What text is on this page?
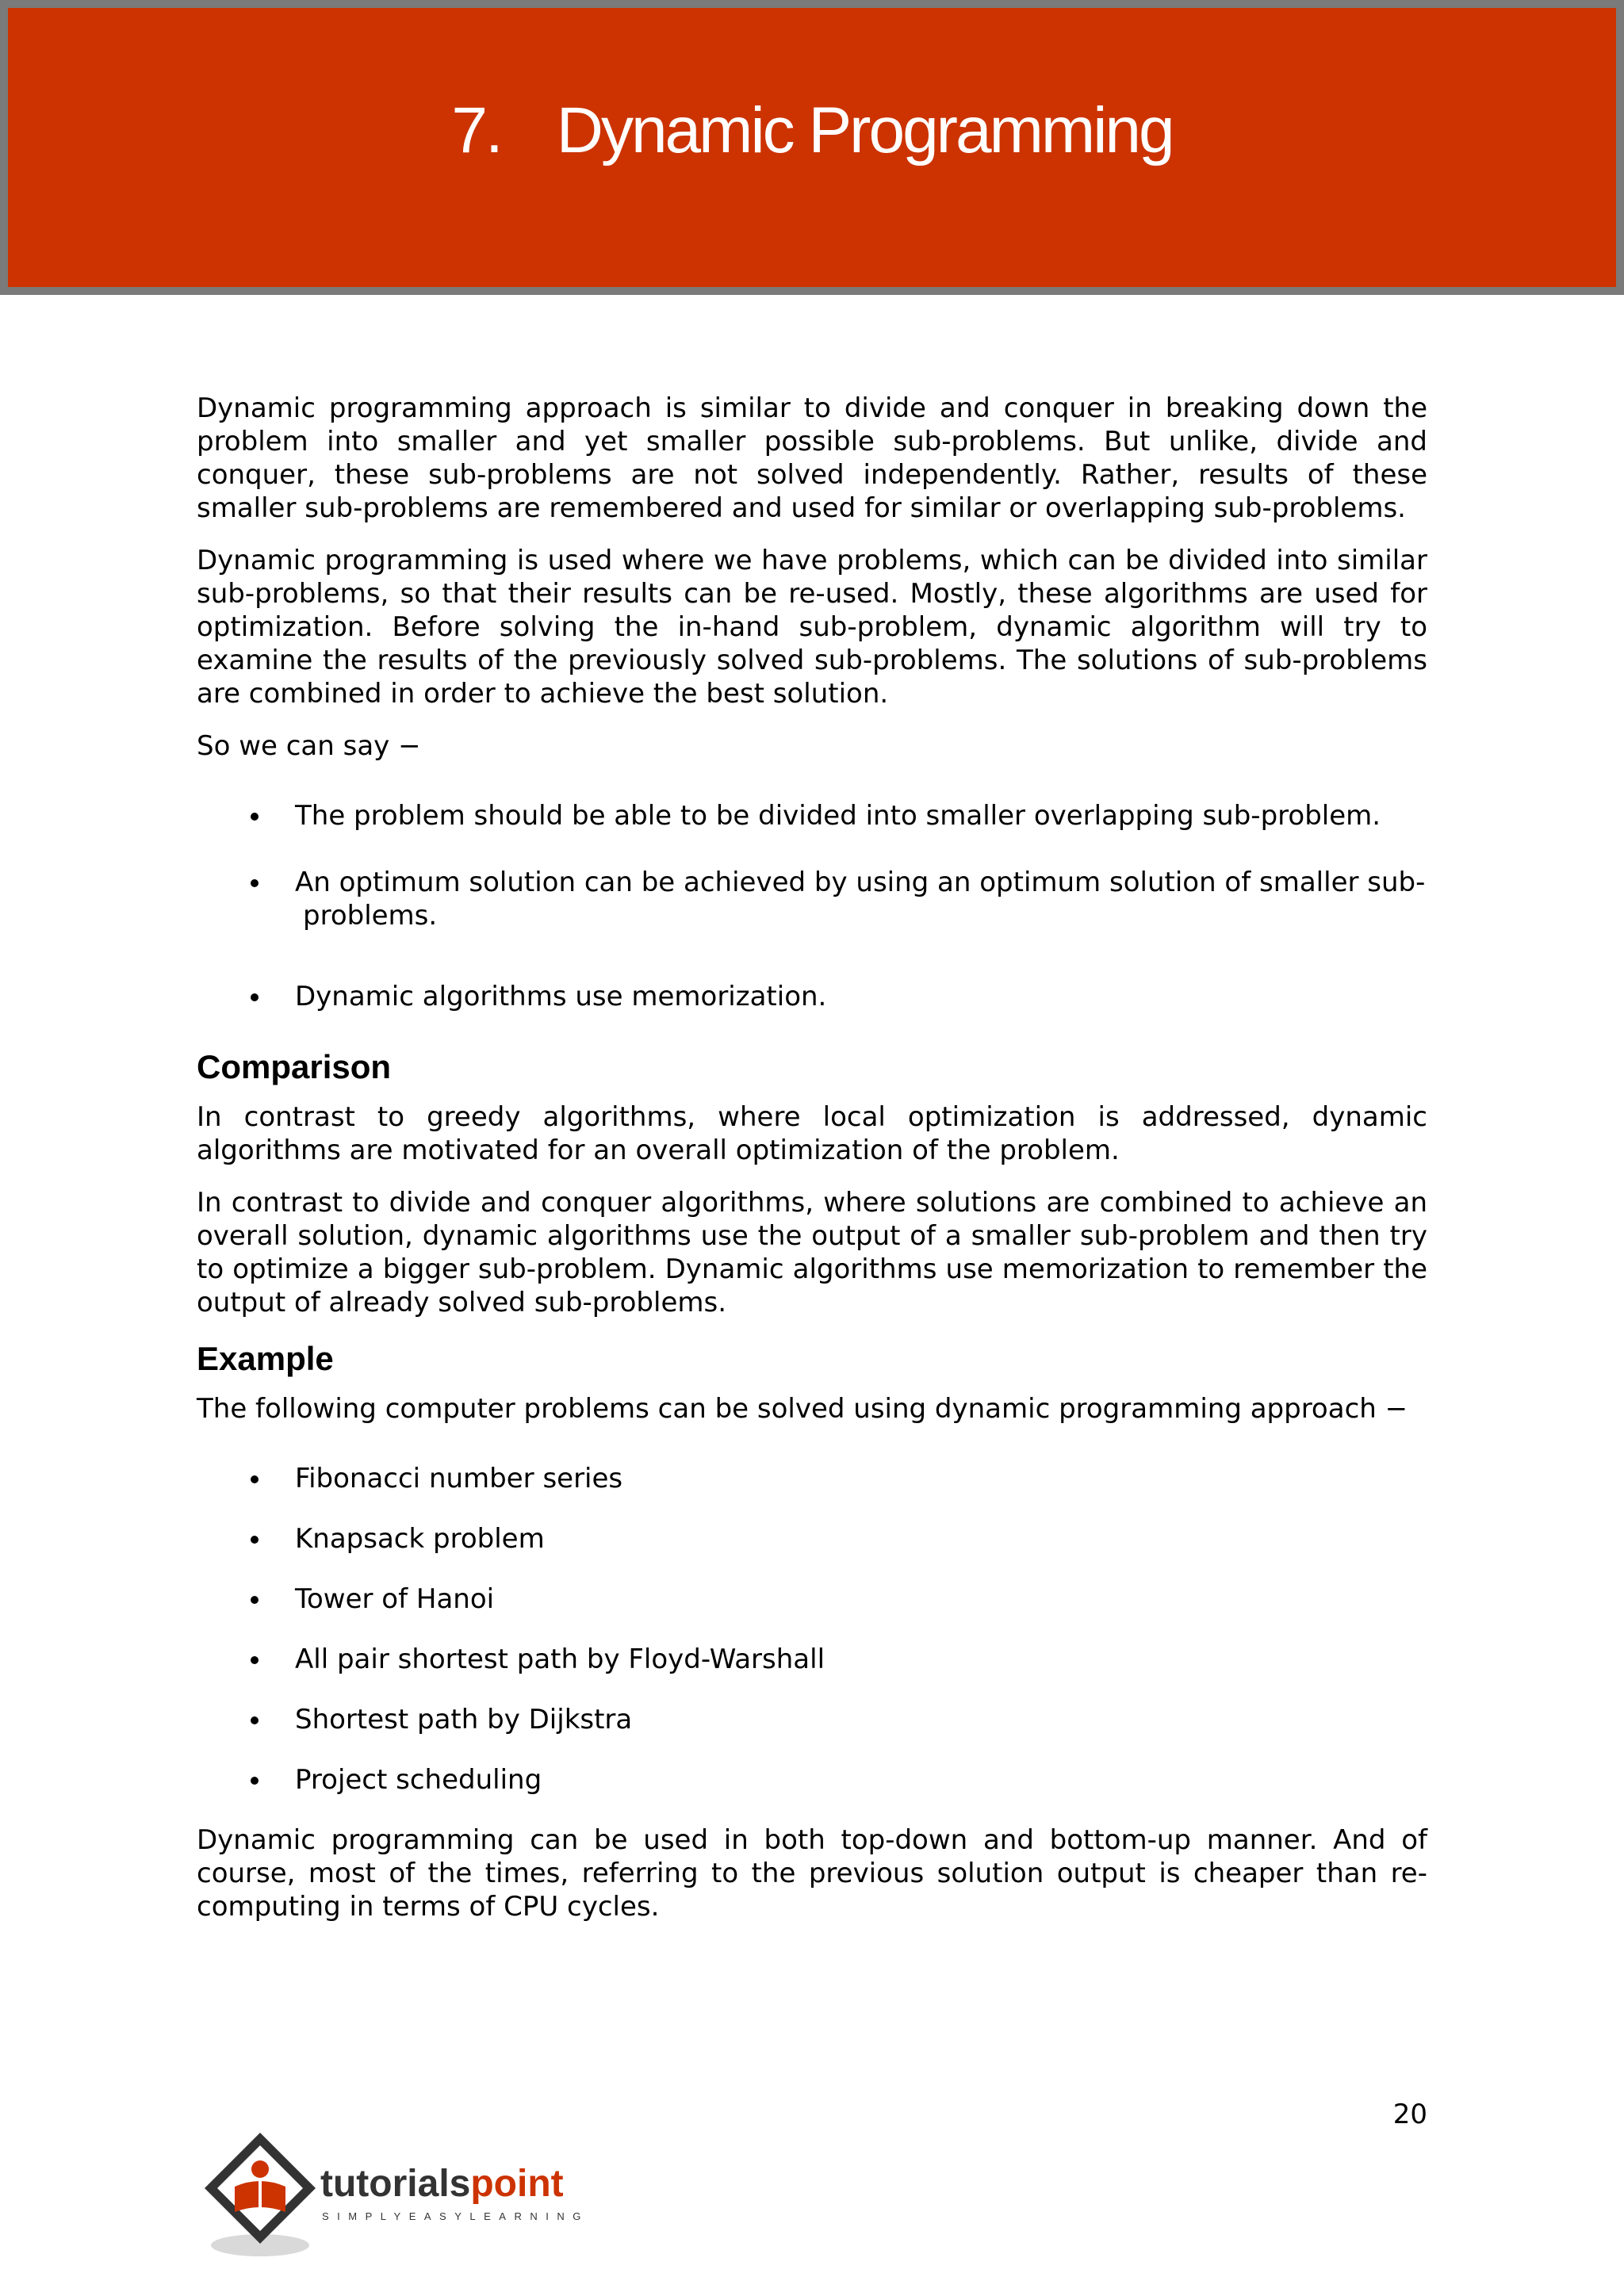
7. Dynamic Programming

Dynamic programming approach is similar to divide and conquer in breaking down the problem into smaller and yet smaller possible sub-problems. But unlike, divide and conquer, these sub-problems are not solved independently. Rather, results of these smaller sub-problems are remembered and used for similar or overlapping sub-problems.

Dynamic programming is used where we have problems, which can be divided into similar sub-problems, so that their results can be re-used. Mostly, these algorithms are used for optimization. Before solving the in-hand sub-problem, dynamic algorithm will try to examine the results of the previously solved sub-problems. The solutions of sub-problems are combined in order to achieve the best solution.

So we can say −

The problem should be able to be divided into smaller overlapping sub-problem.
An optimum solution can be achieved by using an optimum solution of smaller sub-
problems.
Dynamic algorithms use memorization.
Comparison

In contrast to greedy algorithms, where local optimization is addressed, dynamic algorithms are motivated for an overall optimization of the problem.

In contrast to divide and conquer algorithms, where solutions are combined to achieve an overall solution, dynamic algorithms use the output of a smaller sub-problem and then try to optimize a bigger sub-problem. Dynamic algorithms use memorization to remember the output of already solved sub-problems.

Example

The following computer problems can be solved using dynamic programming approach −

Fibonacci number series
Knapsack problem
Tower of Hanoi
All pair shortest path by Floyd-Warshall
Shortest path by Dijkstra
Project scheduling

Dynamic programming can be used in both top-down and bottom-up manner. And of course, most of the times, referring to the previous solution output is cheaper than re-computing in terms of CPU cycles.

20
tutorialspoint
SIMPLYEASYLEARNING
